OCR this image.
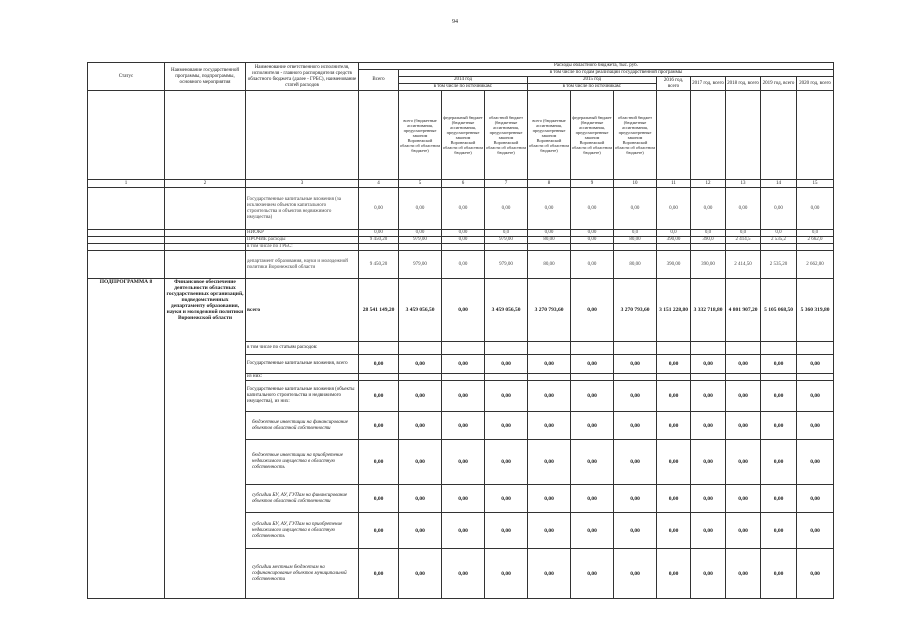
94
Статус	Наименование государственной программы, подпрограммы, основного мероприятия	Наименование ответственного исполнителя, исполнителя - главного распорядителя средств областного бюджета (далее - ГРБС), наименование статей расходов	Расходы областного бюджета, тыс. руб.											
			Всего	в том числе по годам реализации государственной программы										
				2014 год			2015 год			2016 год, всего	2017 год, всего	2018 год, всего	2019 год, всего	2020 год, всего
				в том числе по источникам:			в том числе по источникам:							
				всего (бюджетные ассигнования, предусмотренные законом Воронежской области об областном бюджете)	федеральный бюджет (бюджетные ассигнования, предусмотренные законом Воронежской области об областном бюджете)	областной бюджет (бюджетные ассигнования, предусмотренные законом Воронежской области об областном бюджете)	всего (бюджетные ассигнования, предусмотренные законом Воронежской области об областном бюджете)	федеральный бюджет (бюджетные ассигнования, предусмотренные законом Воронежской области об областном бюджете)	областной бюджет (бюджетные ассигнования, предусмотренные законом Воронежской области об областном бюджете)					
1	2	3	4	5	6	7	8	9	10	11	12	13	14	15
		Государственные капитальные вложения (за исключением объектов капитального строительства и объектов недвижимого имущества)	0,00	0,00	0,00	0,00	0,00	0,00	0,00	0,00	0,00	0,00	0,00	0,00
		НИОКР	0,00	0,00	0,00	0,0	0,00	0,00	0,0	0,0	0,0	0,0	0,0	0,0
		ПРОЧИЕ расходы	9 450,20	979,00	0,00	979,00	80,00	0,00	80,00	390,00	390,0	2 414,5	2 535,2	2 662,0
		в том числе по ГРБС:												
		департамент образования, науки и молодежной политики Воронежской области	9 450,20	979,00	0,00	979,00	80,00	0,00	80,00	390,00	390,00	2 414,50	2 535,20	2 662,00
ПОДПРОГРАММА 8	Финансовое обеспечение деятельности областных государственных организаций, подведомственных департаменту образования, науки и молодежной политики Воронежской области	всего	28 541 149,20	3 459 056,50	0,00	3 459 056,50	3 270 793,60	0,00	3 270 793,60	3 151 228,80	3 332 718,80	4 801 907,20	5 105 068,50	5 360 319,80
		в том числе по статьям расходов:												
		Государственные капитальные вложения, всего	0,00	0,00	0,00	0,00	0,00	0,00	0,00	0,00	0,00	0,00	0,00	0,00
		из них:												
		Государственные капитальные вложения (объекты капитального строительства и недвижимого имущества), из них:	0,00	0,00	0,00	0,00	0,00	0,00	0,00	0,00	0,00	0,00	0,00	0,00
		бюджетные инвестиции на финансирование объектов областной собственности	0,00	0,00	0,00	0,00	0,00	0,00	0,00	0,00	0,00	0,00	0,00	0,00
		бюджетные инвестиции на приобретение недвижимого имущества в областную собственность	0,00	0,00	0,00	0,00	0,00	0,00	0,00	0,00	0,00	0,00	0,00	0,00
		субсидии БУ, АУ, ГУПам на финансирование объектов областной собственности	0,00	0,00	0,00	0,00	0,00	0,00	0,00	0,00	0,00	0,00	0,00	0,00
		субсидии БУ, АУ, ГУПам на приобретение недвижимого имущества в областную собственность	0,00	0,00	0,00	0,00	0,00	0,00	0,00	0,00	0,00	0,00	0,00	0,00
		субсидии местным бюджетам на софинансирование объектов муниципальной собственности	0,00	0,00	0,00	0,00	0,00	0,00	0,00	0,00	0,00	0,00	0,00	0,00
